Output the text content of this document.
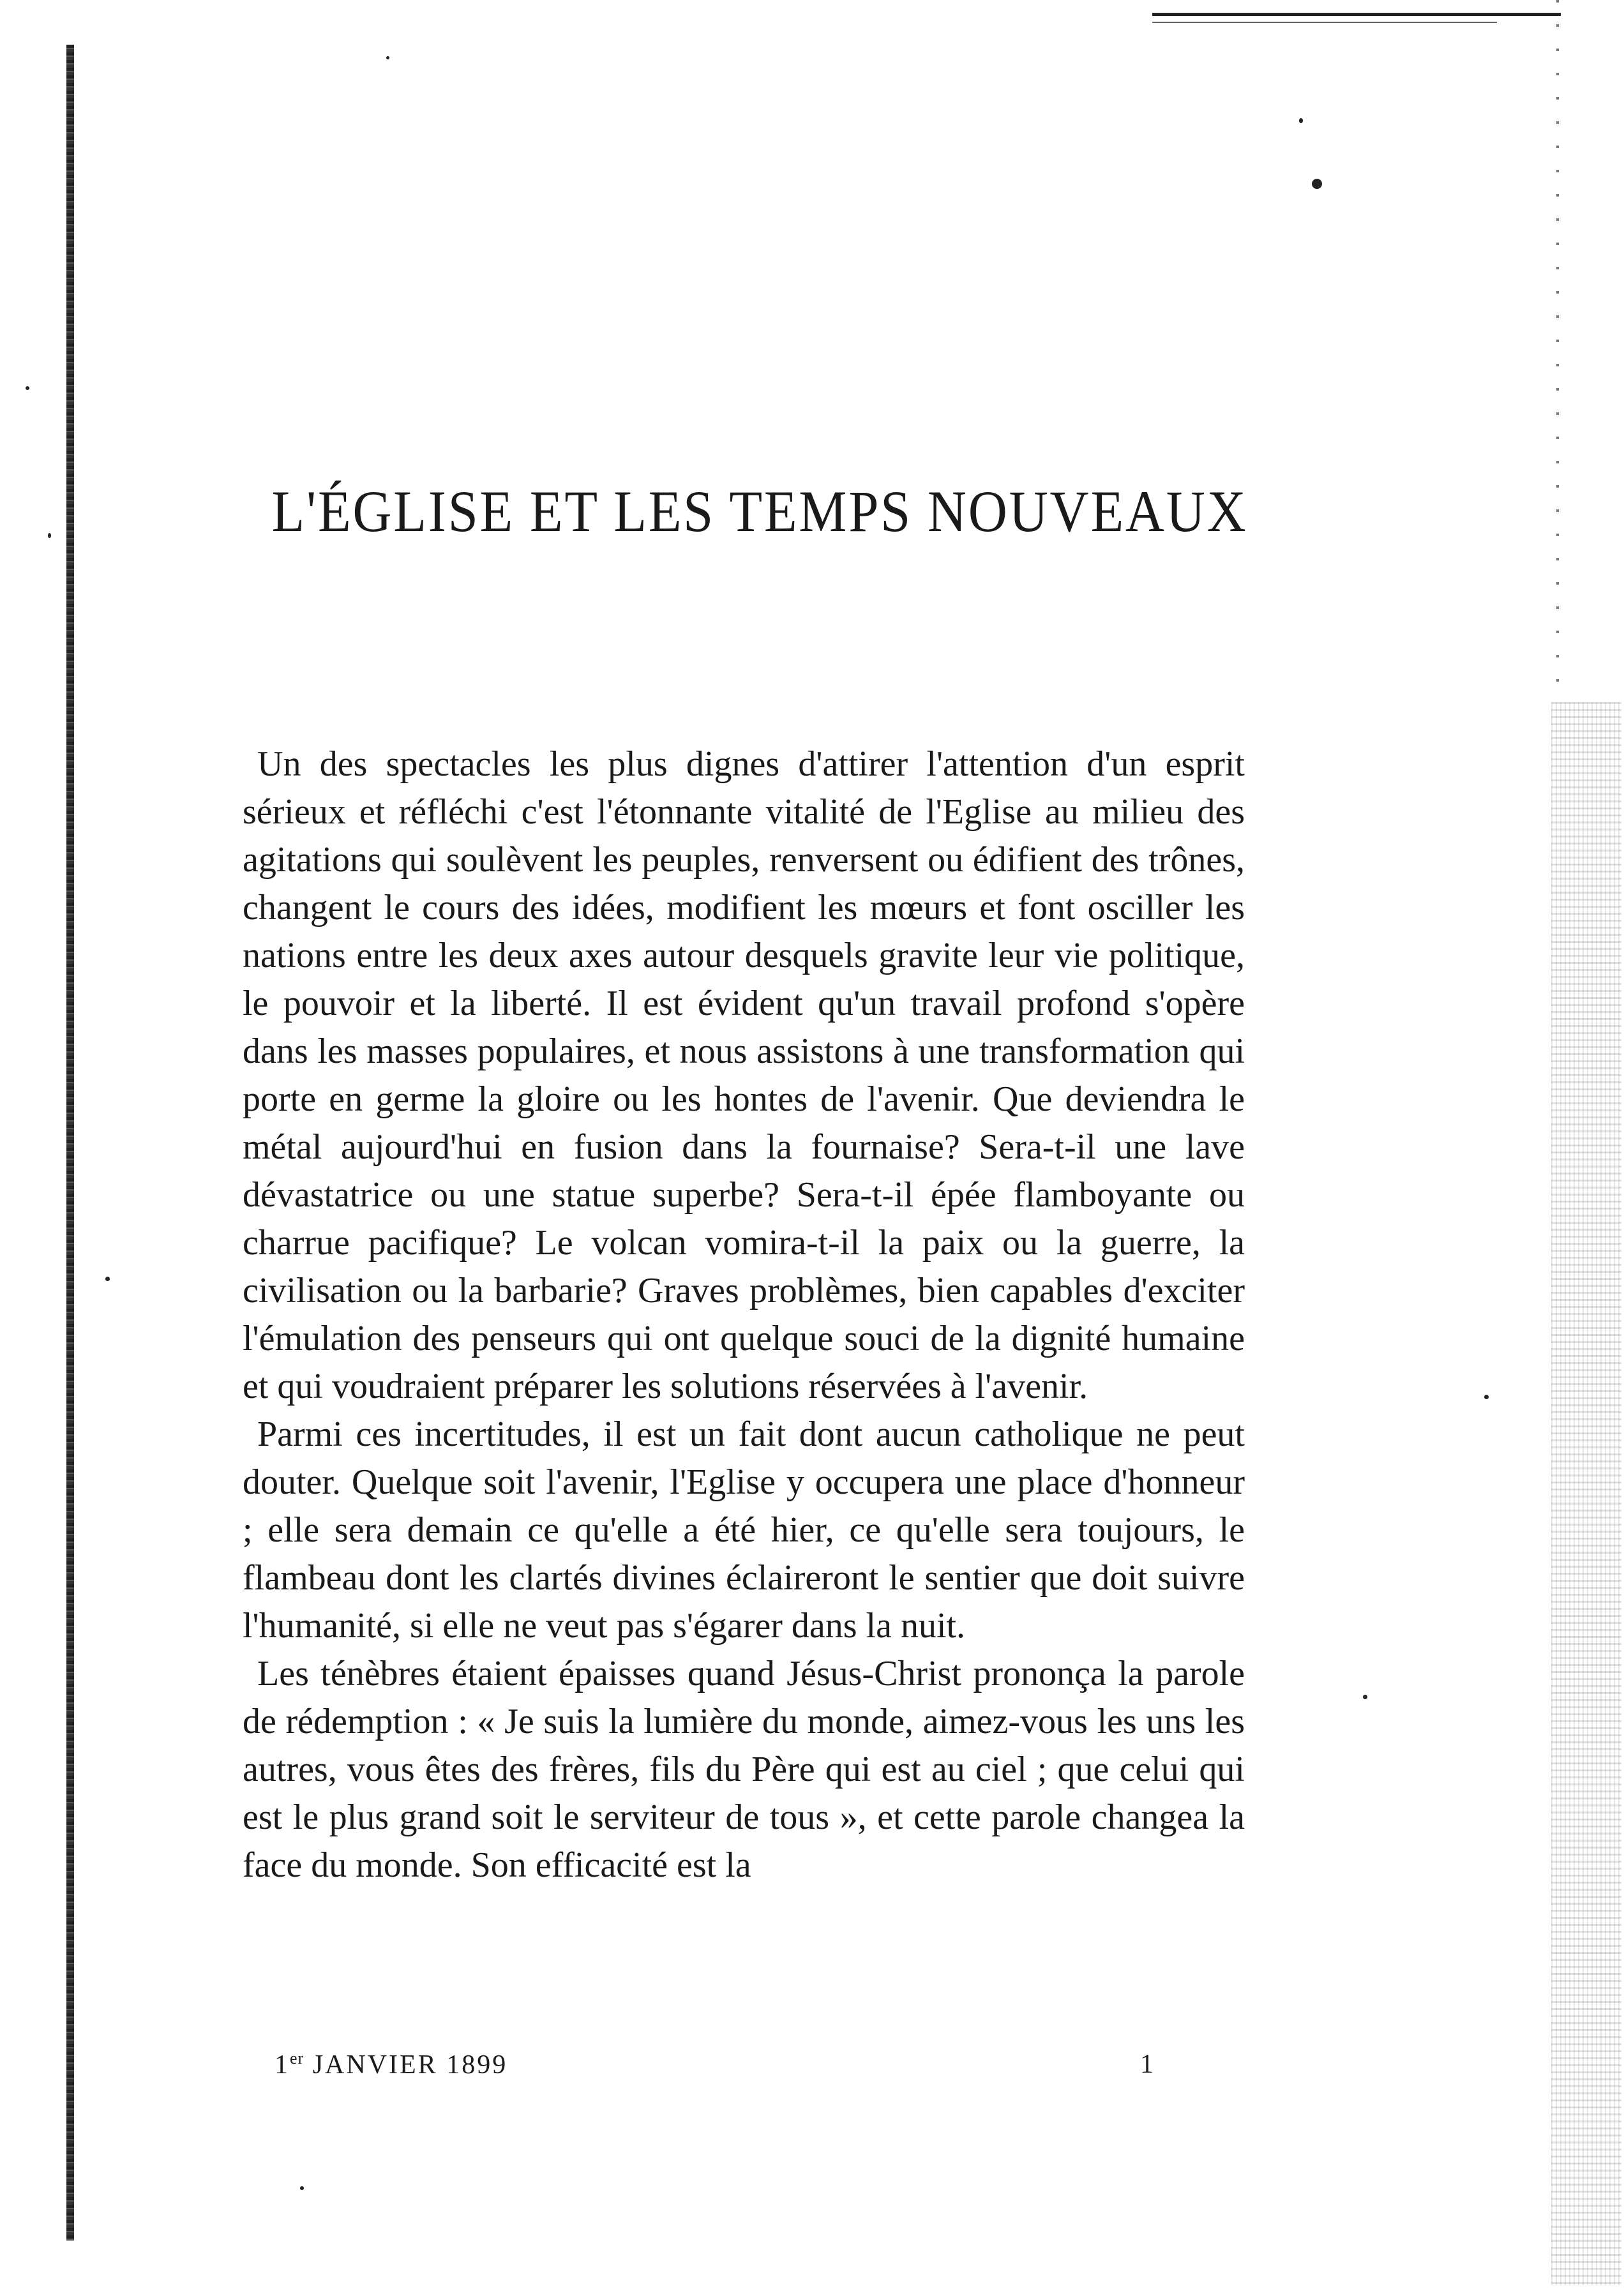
L'ÉGLISE ET LES TEMPS NOUVEAUX

Un des spectacles les plus dignes d'attirer l'attention d'un esprit sérieux et réfléchi c'est l'étonnante vitalité de l'Eglise au milieu des agitations qui soulèvent les peuples, renversent ou édifient des trônes, changent le cours des idées, modifient les mœurs et font osciller les nations entre les deux axes autour desquels gravite leur vie politique, le pouvoir et la liberté. Il est évident qu'un travail profond s'opère dans les masses populaires, et nous assistons à une transformation qui porte en germe la gloire ou les hontes de l'avenir. Que deviendra le métal aujourd'hui en fusion dans la fournaise? Sera-t-il une lave dévastatrice ou une statue superbe? Sera-t-il épée flamboyante ou charrue pacifique? Le volcan vomira-t-il la paix ou la guerre, la civilisation ou la barbarie? Graves problèmes, bien capables d'exciter l'émulation des penseurs qui ont quelque souci de la dignité humaine et qui voudraient préparer les solutions réservées à l'avenir.

Parmi ces incertitudes, il est un fait dont aucun catholique ne peut douter. Quelque soit l'avenir, l'Eglise y occupera une place d'honneur ; elle sera demain ce qu'elle a été hier, ce qu'elle sera toujours, le flambeau dont les clartés divines éclaireront le sentier que doit suivre l'humanité, si elle ne veut pas s'égarer dans la nuit.

Les ténèbres étaient épaisses quand Jésus-Christ prononça la parole de rédemption : « Je suis la lumière du monde, aimez-vous les uns les autres, vous êtes des frères, fils du Père qui est au ciel ; que celui qui est le plus grand soit le serviteur de tous », et cette parole changea la face du monde. Son efficacité est la

1er JANVIER 1899	1
